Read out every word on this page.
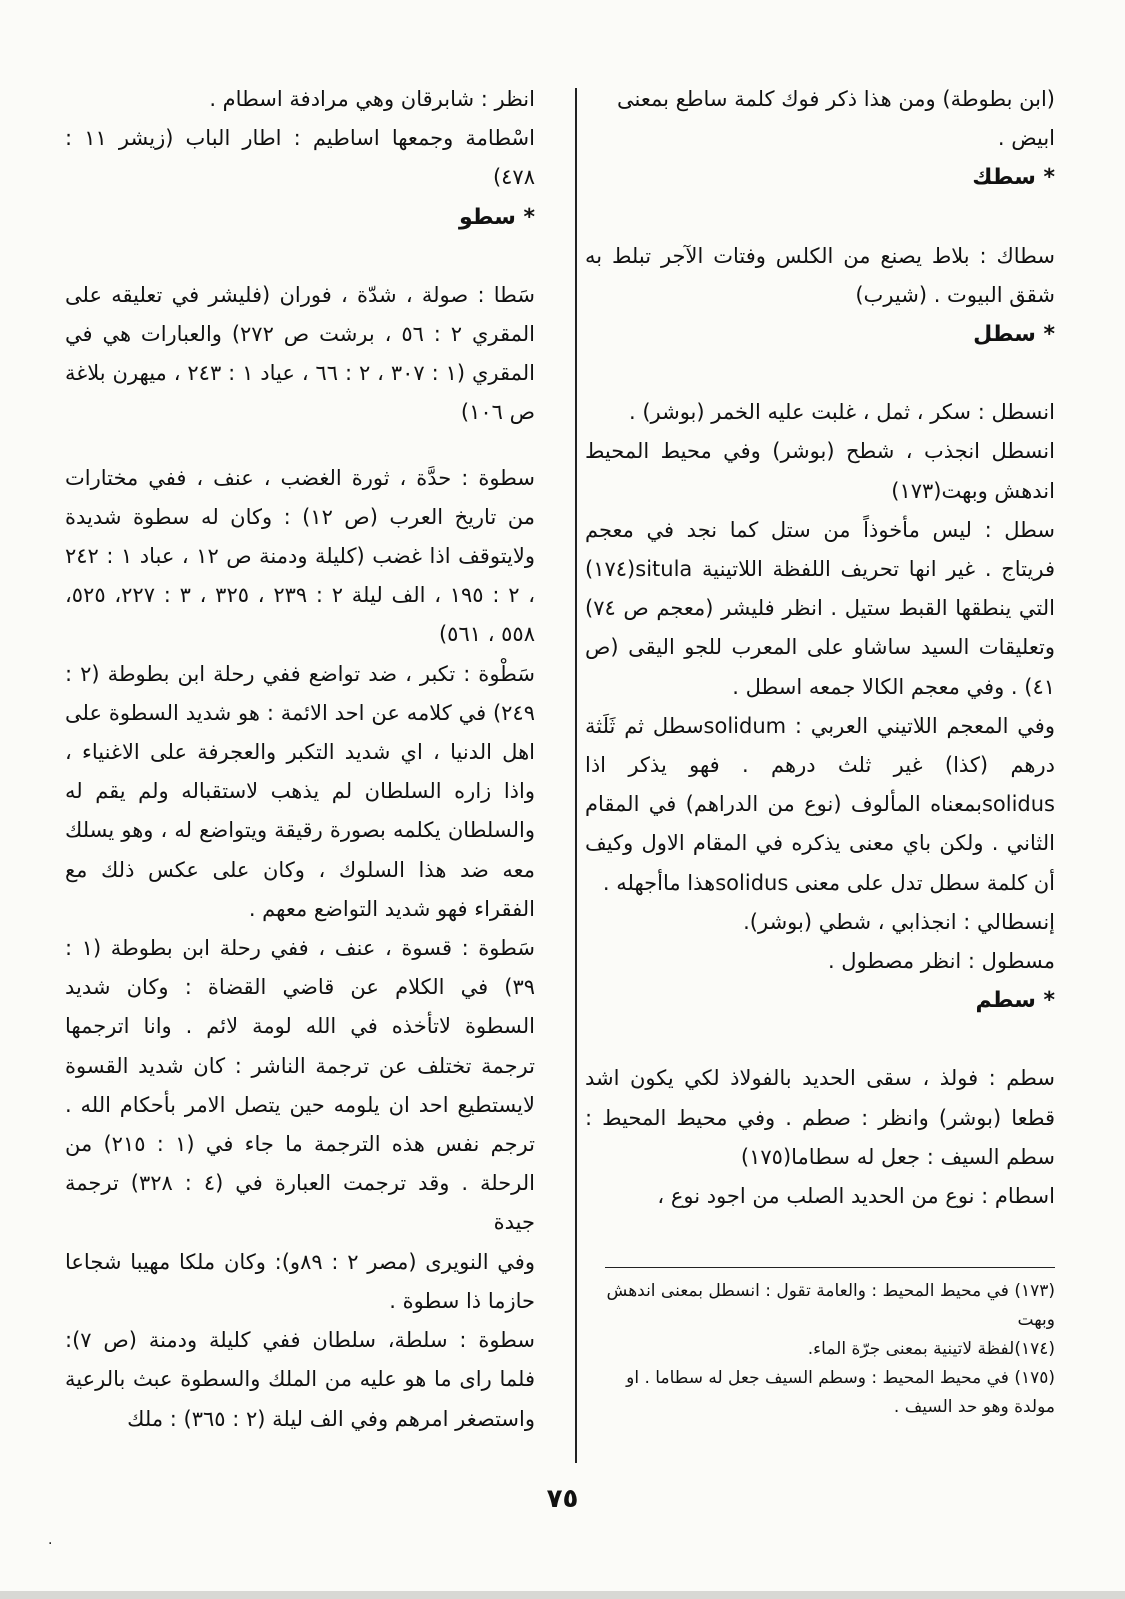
(ابن بطوطة) ومن هذا ذكر فوك كلمة ساطع بمعنى

ابيض .

* سطك

سطاك : بلاط يصنع من الكلس وفتات الآجر تبلط به شقق البيوت . (شيرب)

* سطل

انسطل : سكر ، ثمل ، غلبت عليه الخمر (بوشر) .

انسطل انجذب ، شطح (بوشر) وفي محيط المحيط اندهش وبهت(١٧٣)

سطل : ليس مأخوذاً من ستل كما نجد في معجم فريتاج . غير انها تحريف اللفظة اللاتينية situla(١٧٤) التي ينطقها القبط ستيل . انظر فليشر (معجم ص ٧٤) وتعليقات السيد ساشاو على المعرب للجو اليقى (ص ٤١) . وفي معجم الكالا جمعه اسطل .

وفي المعجم اللاتيني العربي : solidumسطل ثم ثَلَثة درهم (كذا) غير ثلث درهم . فهو يذكر اذا solidusبمعناه المألوف (نوع من الدراهم) في المقام الثاني . ولكن باي معنى يذكره في المقام الاول وكيف أن كلمة سطل تدل على معنى solidusهذا ماأجهله .

إنسطالي : انجذابي ، شطي (بوشر).

مسطول : انظر مصطول .

* سطم

سطم : فولذ ، سقى الحديد بالفولاذ لكي يكون اشد قطعا (بوشر) وانظر : صطم . وفي محيط المحيط : سطم السيف : جعل له سطاما(١٧٥)

اسطام : نوع من الحديد الصلب من اجود نوع ،

انظر : شابرقان وهي مرادفة اسطام .

اسْطامة وجمعها اساطيم : اطار الباب (زيشر ١١ : ٤٧٨)

* سطو

سَطا : صولة ، شدّة ، فوران (فليشر في تعليقه على المقري ٢ : ٥٦ ، برشت ص ٢٧٢) والعبارات هي في المقري (١ : ٣٠٧ ، ٢ : ٦٦ ، عياد ١ : ٢٤٣ ، ميهرن بلاغة ص ١٠٦)

سطوة : حدَّة ، ثورة الغضب ، عنف ، ففي مختارات من تاريخ العرب (ص ١٢) : وكان له سطوة شديدة ولايتوقف اذا غضب (كليلة ودمنة ص ١٢ ، عباد ١ : ٢٤٢ ، ٢ : ١٩٥ ، الف ليلة ٢ : ٢٣٩ ، ٣٢٥ ، ٣ : ٢٢٧، ٥٢٥، ٥٥٨ ، ٥٦١)

سَطْوة : تكبر ، ضد تواضع ففي رحلة ابن بطوطة (٢ : ٢٤٩) في كلامه عن احد الائمة : هو شديد السطوة على اهل الدنيا ، اي شديد التكبر والعجرفة على الاغنياء ، واذا زاره السلطان لم يذهب لاستقباله ولم يقم له والسلطان يكلمه بصورة رقيقة ويتواضع له ، وهو يسلك معه ضد هذا السلوك ، وكان على عكس ذلك مع الفقراء فهو شديد التواضع معهم .

سَطوة : قسوة ، عنف ، ففي رحلة ابن بطوطة (١ : ٣٩) في الكلام عن قاضي القضاة : وكان شديد السطوة لاتأخذه في الله لومة لائم . وانا اترجمها ترجمة تختلف عن ترجمة الناشر : كان شديد القسوة لايستطيع احد ان يلومه حين يتصل الامر بأحكام الله . ترجم نفس هذه الترجمة ما جاء في (١ : ٢١٥) من الرحلة . وقد ترجمت العبارة في (٤ : ٣٢٨) ترجمة جيدة

وفي النويرى (مصر ٢ : ٨٩و): وكان ملكا مهيبا شجاعا حازما ذا سطوة .

سطوة : سلطة، سلطان ففي كليلة ودمنة (ص ٧): فلما راى ما هو عليه من الملك والسطوة عبث بالرعية واستصغر امرهم وفي الف ليلة (٢ : ٣٦٥) : ملك

(١٧٣) في محيط المحيط : والعامة تقول : انسطل بمعنى اندهش وبهت

(١٧٤)لفظة لاتينية بمعنى جرّة الماء.

(١٧٥) في محيط المحيط : وسطم السيف جعل له سطاما . او مولدة وهو حد السيف .

٧٥
·
